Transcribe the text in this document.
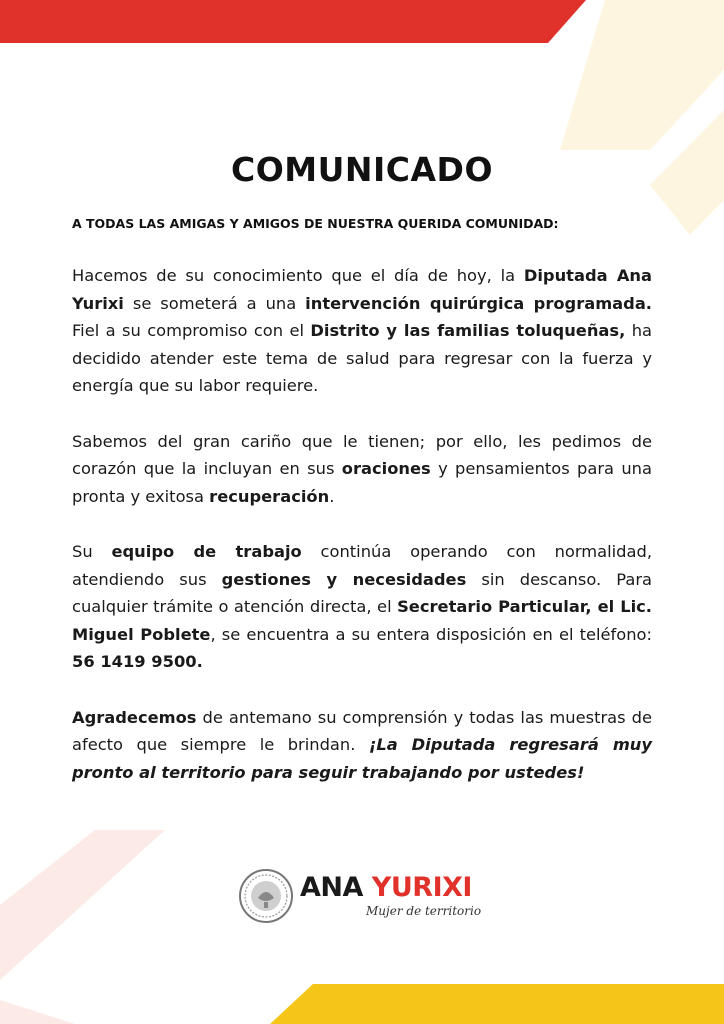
COMUNICADO
A TODAS LAS AMIGAS Y AMIGOS DE NUESTRA QUERIDA COMUNIDAD:

Hacemos de su conocimiento que el día de hoy, la Diputada Ana Yurixi se someterá a una intervención quirúrgica programada. Fiel a su compromiso con el Distrito y las familias toluqueñas, ha decidido atender este tema de salud para regresar con la fuerza y energía que su labor requiere.

Sabemos del gran cariño que le tienen; por ello, les pedimos de corazón que la incluyan en sus oraciones y pensamientos para una pronta y exitosa recuperación.

Su equipo de trabajo continúa operando con normalidad, atendiendo sus gestiones y necesidades sin descanso. Para cualquier trámite o atención directa, el Secretario Particular, el Lic. Miguel Poblete, se encuentra a su entera disposición en el teléfono: 56 1419 9500.

Agradecemos de antemano su comprensión y todas las muestras de afecto que siempre le brindan. ¡La Diputada regresará muy pronto al territorio para seguir trabajando por ustedes!

ANA YURIXI
Mujer de territorio
